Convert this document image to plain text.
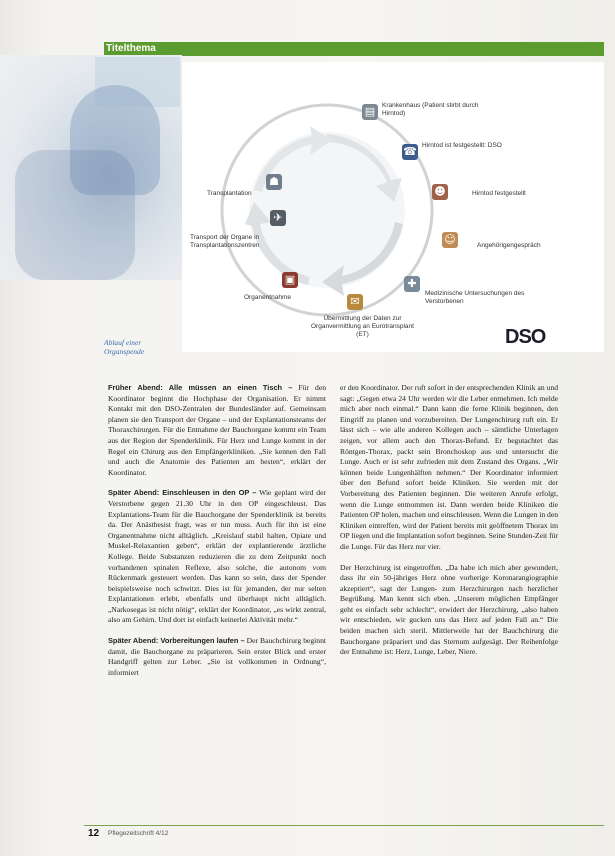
Titelthema
▤	Krankenhaus (Patient stirbt durch Hirntod)
☎ Hirntod ist festgestellt: DSO
☻	Hirntod festgestellt
☺	Angehörigengespräch
✚
Medizinische Untersuchungen des Verstorbenen
✉
Übermittlung der Daten zur Organvermittlung an Eurotransplant (ET)
▣
Organentnahme
✈
Transport der Organe in Transplantationszentren
☗
Transplantation
DSO
Ablauf einer Organspende

Früher Abend: Alle müssen an einen Tisch – Für den Koordinator beginnt die Hochphase der Organisation. Er nimmt Kontakt mit den DSO-Zentralen der Bundesländer auf. Gemeinsam planen sie den Transport der Organe – und der Explantationsteams der Thoraxchirurgen. Für die Entnahme der Bauchorgane kommt ein Team aus der Region der Spenderklinik. Für Herz und Lunge kommt in der Regel ein Chirurg aus den Empfängerkliniken. „Sie kennen den Fall und auch die Anatomie des Patienten am besten“, erklärt der Koordinator.

Später Abend: Einschleusen in den OP – Wie geplant wird der Verstorbene gegen 21.30 Uhr in den OP eingeschleust. Das Explantations-Team für die Bauchorgane der Spenderklinik ist bereits da. Der Anästhesist fragt, was er tun muss. Auch für ihn ist eine Organentnahme nicht alltäglich. „Kreislauf stabil halten, Opiate und Muskel-Relaxantien geben“, erklärt der explantierende ärztliche Kollege. Beide Substanzen reduzieren die zu dem Zeitpunkt noch vorhandenen spinalen Reflexe, also solche, die autonom vom Rückenmark gesteuert werden. Das kann so sein, dass der Spender beispielsweise noch schwitzt. Dies ist für jemanden, der nur selten Explantationen erlebt, ebenfalls und überhaupt nicht alltäglich. „Narkosegas ist nicht nötig“, erklärt der Koordinator, „es wirkt zentral, also am Gehirn. Und dort ist einfach keinerlei Aktivität mehr.“

Später Abend: Vorbereitungen laufen – Der Bauchchirurg beginnt damit, die Bauchorgane zu präparieren. Sein erster Blick und erster Handgriff gelten zur Leber. „Sie ist vollkommen in Ordnung“, informiert

er den Koordinator. Der ruft sofort in der entsprechenden Klinik an und sagt: „Gegen etwa 24 Uhr werden wir die Leber entnehmen. Ich melde mich aber noch einmal.“ Dann kann die ferne Klinik beginnen, den Eingriff zu planen und vorzubereiten. Der Lungenchirurg ruft ein. Er lässt sich – wie alle anderen Kollegen auch – sämtliche Unterlagen zeigen, vor allem auch den Thorax-Befund. Er begutachtet das Röntgen-Thorax, packt sein Bronchoskop aus und untersucht die Lunge. Auch er ist sehr zufrieden mit dem Zustand des Organs. „Wir können beide Lungenhälften nehmen.“ Der Koordinator informiert über den Befund sofort beide Kliniken. Sie werden mit der Vorbereitung des Patienten beginnen. Die weiteren Anrufe erfolgt, wenn die Lunge entnommen ist. Dann werden beide Kliniken die Patienten OP holen, machen und einschleusen. Wenn die Lungen in den Kliniken eintreffen, wird der Patient bereits mit geöffnetem Thorax im OP liegen und die Implantation sofort beginnen. Seine Stunden-Zeit für die Lunge. Für das Herz nur vier.

Der Herzchirurg ist eingetroffen. „Da habe ich mich aber gewundert, dass ihr ein 50-jähriges Herz ohne vorherige Koronarangiographie akzeptiert“, sagt der Lungen- zum Herzchirurgen nach herzlicher Begrüßung. Man kennt sich eben. „Unserem möglichen Empfänger geht es einfach sehr schlecht“, erwidert der Herzchirurg, „also haben wir entschieden, wir gucken uns das Herz auf jeden Fall an.“ Die beiden machen sich steril. Mittlerweile hat der Bauchchirurg die Bauchorgane präpariert und das Sternum aufgesägt. Der Reihenfolge der Entnahme ist: Herz, Lunge, Leber, Niere.

12 Pflegezeitschrift 4/12
